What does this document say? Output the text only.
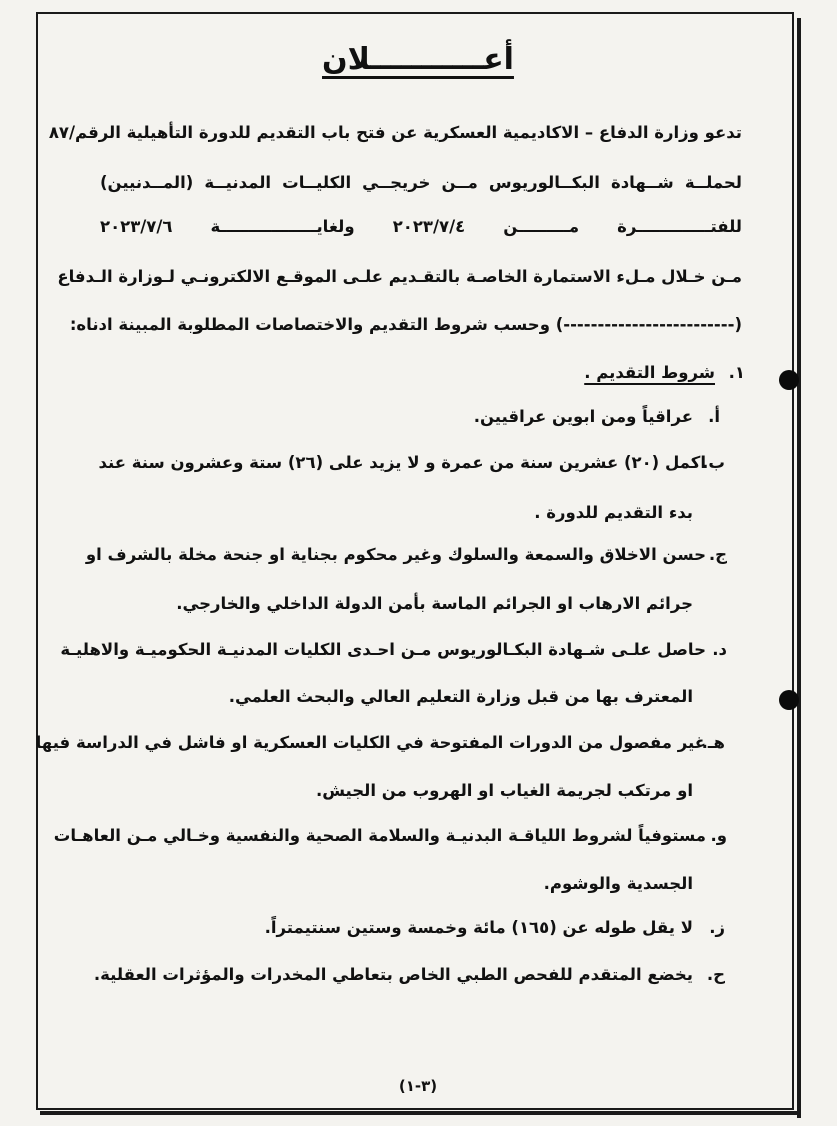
أعـــــــــــلان
تدعو وزارة الدفاع – الاكاديمية العسكرية عن فتح باب التقديم للدورة التأهيلية الرقم/٨٧
لحملــة شــهادة البكــالوريوس مــن خريجــي الكليــات المدنيــة (المــدنيين)
للفتـــــــــــــرة مـــــــــن ٢٠٢٣/٧/٤ ولغايـــــــــــــــــة ٢٠٢٣/٧/٦
مـن خـلال مـلء الاستمارة الخاصـة بالتقـديم علـى الموقـع الالكترونـي لـوزارة الـدفاع
(-------------------------) وحسب شروط التقديم والاختصاصات المطلوبة المبينة ادناه:
١.
شروط التقديم .
أ.
عراقياً ومن ابوين عراقيين.
ب.
اكمل (٢٠) عشرين سنة من عمرة و لا يزيد على (٢٦) ستة وعشرون سنة عند
بدء التقديم للدورة .
ج.
حسن الاخلاق والسمعة والسلوك وغير محكوم بجناية او جنحة مخلة بالشرف او
جرائم الارهاب او الجرائم الماسة بأمن الدولة الداخلي والخارجي.
د.
حاصل علـى شـهادة البكـالوريوس مـن احـدى الكليات المدنيـة الحكوميـة والاهليـة
المعترف بها من قبل وزارة التعليم العالي والبحث العلمي.
هـ.
غير مفصول من الدورات المفتوحة في الكليات العسكرية او فاشل في الدراسة فيها
او مرتكب لجريمة الغياب او الهروب من الجيش.
و.
مستوفياً لشروط اللياقـة البدنيـة والسلامة الصحية والنفسية وخـالي مـن العاهـات
الجسدية والوشوم.
ز.
لا يقل طوله عن (١٦٥) مائة وخمسة وستين سنتيمتراً.
ح.
يخضع المتقدم للفحص الطبي الخاص بتعاطي المخدرات والمؤثرات العقلية.
(٣-١)
